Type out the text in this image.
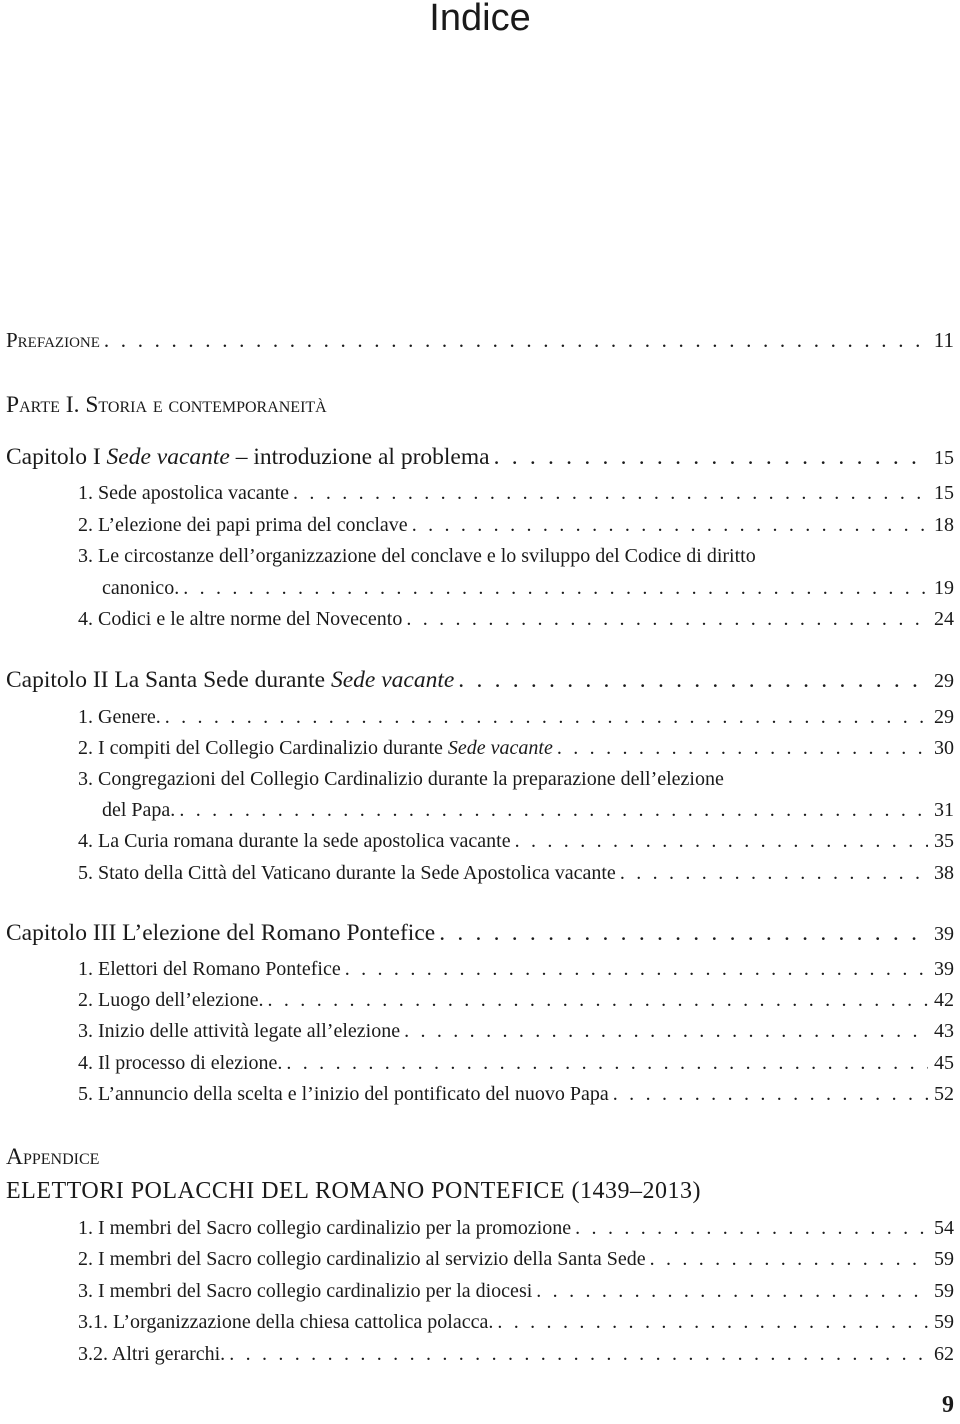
Indice
Prefazione . . .	11
Parte I. Storia e contemporaneità
Capitolo I Sede vacante – introduzione al problema . . .	15
1. Sede apostolica vacante . . .	15
2. L’elezione dei papi prima del conclave . . .	18
3. Le circostanze dell’organizzazione del conclave e lo sviluppo del Codice di diritto
canonico. . . .	19
4. Codici e le altre norme del Novecento . . .	24
Capitolo II La Santa Sede durante Sede vacante . . .	29
1. Genere. . . .	29
2. I compiti del Collegio Cardinalizio durante Sede vacante . . .	30
3. Congregazioni del Collegio Cardinalizio durante la preparazione dell’elezione
del Papa. . . .	31
4. La Curia romana durante la sede apostolica vacante . . .	35
5. Stato della Città del Vaticano durante la Sede Apostolica vacante . . .	38
Capitolo III L’elezione del Romano Pontefice . . .	39
1. Elettori del Romano Pontefice . . .	39
2. Luogo dell’elezione. . . .	42
3. Inizio delle attività legate all’elezione . . .	43
4. Il processo di elezione. . . .	45
5. L’annuncio della scelta e l’inizio del pontificato del nuovo Papa . . .	52
Appendice
ELETTORI POLACCHI DEL ROMANO PONTEFICE (1439–2013)
1. I membri del Sacro collegio cardinalizio per la promozione . . .	54
2. I membri del Sacro collegio cardinalizio al servizio della Santa Sede . . .	59
3. I membri del Sacro collegio cardinalizio per la diocesi . . .	59
3.1. L’organizzazione della chiesa cattolica polacca. . . .	59
3.2. Altri gerarchi. . . .	62
9
